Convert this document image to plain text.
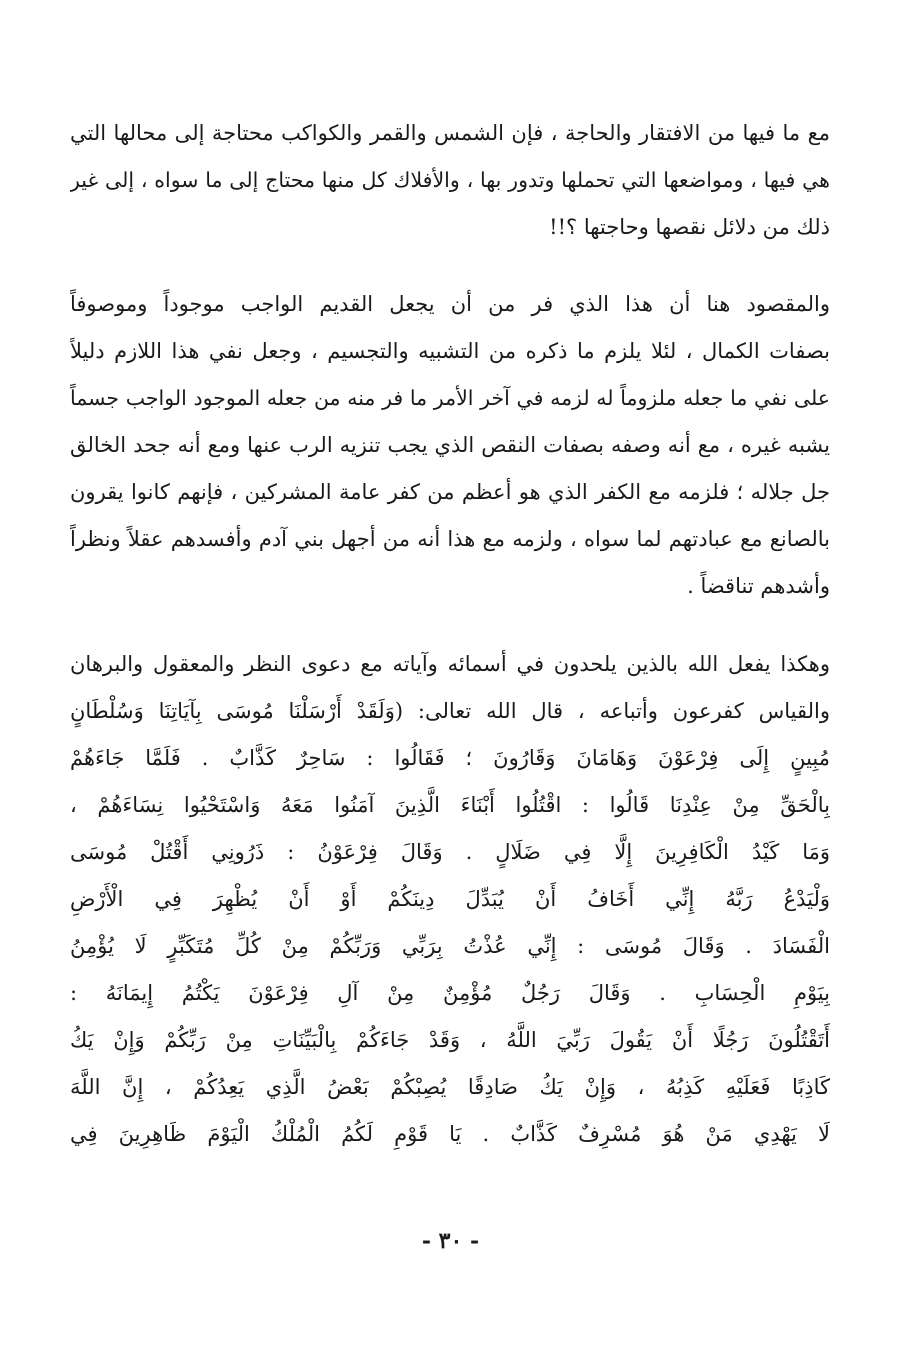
مع ما فيها من الافتقار والحاجة ، فإن الشمس والقمر والكواكب محتاجة إلى محالها التي
هي فيها ، ومواضعها التي تحملها وتدور بها ، والأفلاك كل منها محتاج إلى ما سواه ، إلى غير
ذلك من دلائل نقصها وحاجتها ؟!!
والمقصود هنا أن هذا الذي فر من أن يجعل القديم الواجب موجوداً وموصوفاً
بصفات الكمال ، لئلا يلزم ما ذكره من التشبيه والتجسيم ، وجعل نفي هذا اللازم دليلاً
على نفي ما جعله ملزوماً له لزمه في آخر الأمر ما فر منه من جعله الموجود الواجب جسماً
يشبه غيره ، مع أنه وصفه بصفات النقص الذي يجب تنزيه الرب عنها ومع أنه جحد الخالق
جل جلاله ؛ فلزمه مع الكفر الذي هو أعظم من كفر عامة المشركين ، فإنهم كانوا يقرون
بالصانع مع عبادتهم لما سواه ، ولزمه مع هذا أنه من أجهل بني آدم وأفسدهم عقلاً ونظراً
وأشدهم تناقضاً .
وهكذا يفعل الله بالذين يلحدون في أسمائه وآياته مع دعوى النظر والمعقول والبرهان
والقياس كفرعون وأتباعه ، قال الله تعالى: (وَلَقَدْ أَرْسَلْنَا مُوسَى بِآيَاتِنَا وَسُلْطَانٍ
مُبِينٍ إِلَى فِرْعَوْنَ وَهَامَانَ وَقَارُونَ ؛ فَقَالُوا : سَاحِرٌ كَذَّابٌ . فَلَمَّا جَاءَهُمْ
بِالْحَقِّ مِنْ عِنْدِنَا قَالُوا : اقْتُلُوا أَبْنَاءَ الَّذِينَ آمَنُوا مَعَهُ وَاسْتَحْيُوا نِسَاءَهُمْ ،
وَمَا كَيْدُ الْكَافِرِينَ إِلَّا فِي ضَلَالٍ . وَقَالَ فِرْعَوْنُ : ذَرُونِي أَقْتُلْ مُوسَى
وَلْيَدْعُ رَبَّهُ إِنِّي أَخَافُ أَنْ يُبَدِّلَ دِينَكُمْ أَوْ أَنْ يُظْهِرَ فِي الْأَرْضِ
الْفَسَادَ . وَقَالَ مُوسَى : إِنِّي عُذْتُ بِرَبِّي وَرَبِّكُمْ مِنْ كُلِّ مُتَكَبِّرٍ لَا يُؤْمِنُ
بِيَوْمِ الْحِسَابِ . وَقَالَ رَجُلٌ مُؤْمِنٌ مِنْ آلِ فِرْعَوْنَ يَكْتُمُ إِيمَانَهُ :
أَتَقْتُلُونَ رَجُلًا أَنْ يَقُولَ رَبِّيَ اللَّهُ ، وَقَدْ جَاءَكُمْ بِالْبَيِّنَاتِ مِنْ رَبِّكُمْ وَإِنْ يَكُ
كَاذِبًا فَعَلَيْهِ كَذِبُهُ ، وَإِنْ يَكُ صَادِقًا يُصِبْكُمْ بَعْضُ الَّذِي يَعِدُكُمْ ، إِنَّ اللَّهَ
لَا يَهْدِي مَنْ هُوَ مُسْرِفٌ كَذَّابٌ . يَا قَوْمِ لَكُمُ الْمُلْكُ الْيَوْمَ ظَاهِرِينَ فِي
- ٣٠ -
